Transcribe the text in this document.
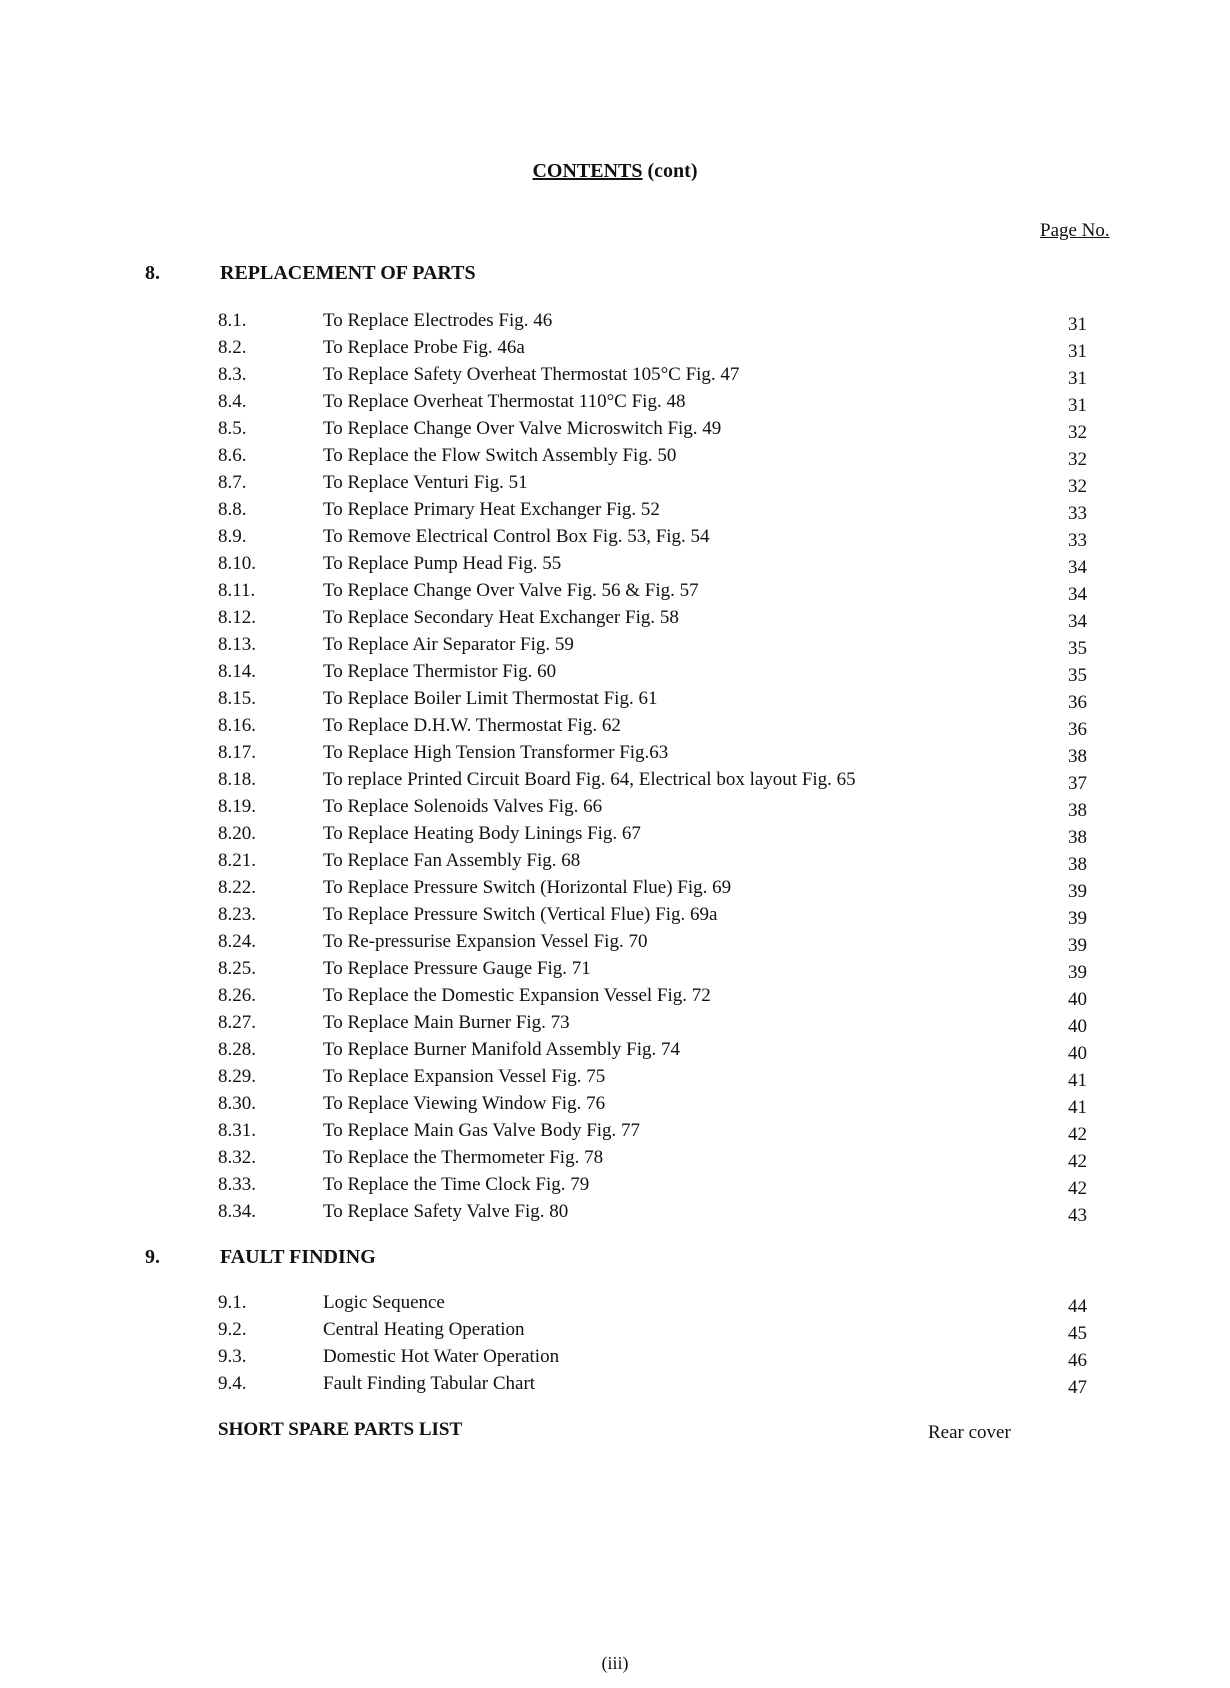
CONTENTS (cont)
Page No.
8.	REPLACEMENT OF PARTS
8.1.	To Replace Electrodes Fig. 46	31
8.2.	To Replace Probe Fig. 46a	31
8.3.	To Replace Safety Overheat Thermostat 105°C Fig. 47	31
8.4.	To Replace Overheat Thermostat 110°C Fig. 48	31
8.5.	To Replace Change Over Valve Microswitch Fig. 49	32
8.6.	To Replace the Flow Switch Assembly Fig. 50	32
8.7.	To Replace Venturi Fig. 51	32
8.8.	To Replace Primary Heat Exchanger Fig. 52	33
8.9.	To Remove Electrical Control Box Fig. 53, Fig. 54	33
8.10.	To Replace Pump Head Fig. 55	34
8.11.	To Replace Change Over Valve Fig. 56 & Fig. 57	34
8.12.	To Replace Secondary Heat Exchanger Fig. 58	34
8.13.	To Replace Air Separator Fig. 59	35
8.14.	To Replace Thermistor Fig. 60	35
8.15.	To Replace Boiler Limit Thermostat Fig. 61	36
8.16.	To Replace D.H.W. Thermostat Fig. 62	36
8.17.	To Replace High Tension Transformer Fig.63	38
8.18.	To replace Printed Circuit Board Fig. 64, Electrical box layout Fig. 65	37
8.19.	To Replace Solenoids Valves Fig. 66	38
8.20.	To Replace Heating Body Linings Fig. 67	38
8.21.	To Replace Fan Assembly Fig. 68	38
8.22.	To Replace Pressure Switch (Horizontal Flue) Fig. 69	39
8.23.	To Replace Pressure Switch (Vertical Flue) Fig. 69a	39
8.24.	To Re-pressurise Expansion Vessel Fig. 70	39
8.25.	To Replace Pressure Gauge Fig. 71	39
8.26.	To Replace the Domestic Expansion Vessel Fig. 72	40
8.27.	To Replace Main Burner Fig. 73	40
8.28.	To Replace Burner Manifold Assembly Fig. 74	40
8.29.	To Replace Expansion Vessel Fig. 75	41
8.30.	To Replace Viewing Window Fig. 76	41
8.31.	To Replace Main Gas Valve Body Fig. 77	42
8.32.	To Replace the Thermometer Fig. 78	42
8.33.	To Replace the Time Clock Fig. 79	42
8.34.	To Replace Safety Valve Fig. 80	43
9.	FAULT FINDING
9.1.	Logic Sequence	44
9.2.	Central Heating Operation	45
9.3.	Domestic Hot Water Operation	46
9.4.	Fault Finding Tabular Chart	47
SHORT SPARE PARTS LIST	Rear cover
(iii)
